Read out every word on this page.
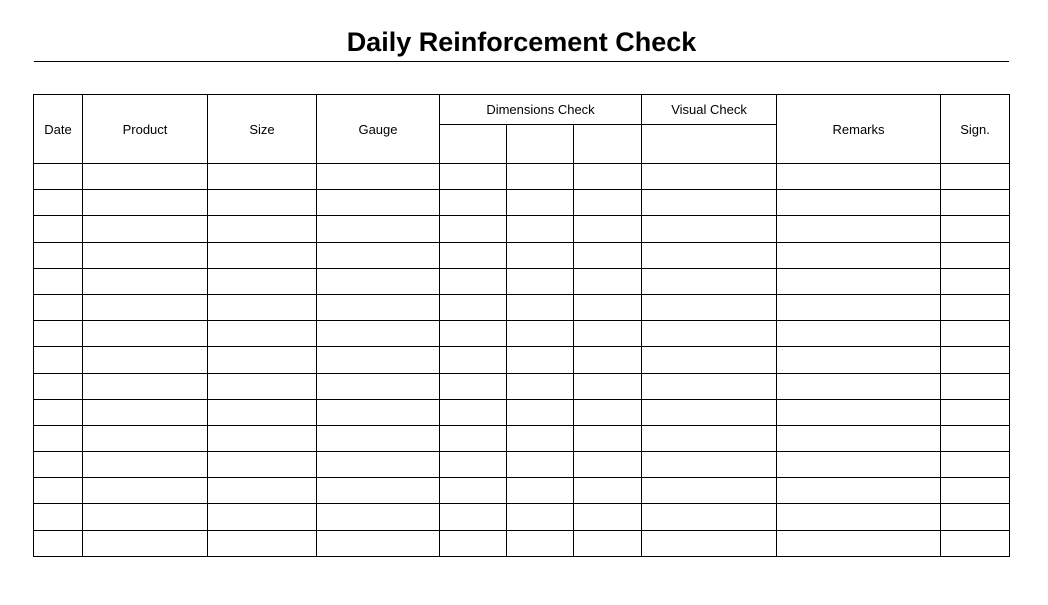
Daily Reinforcement Check
Date	Product	Size	Gauge	Dimensions Check			Visual Check	Remarks	Sign.
